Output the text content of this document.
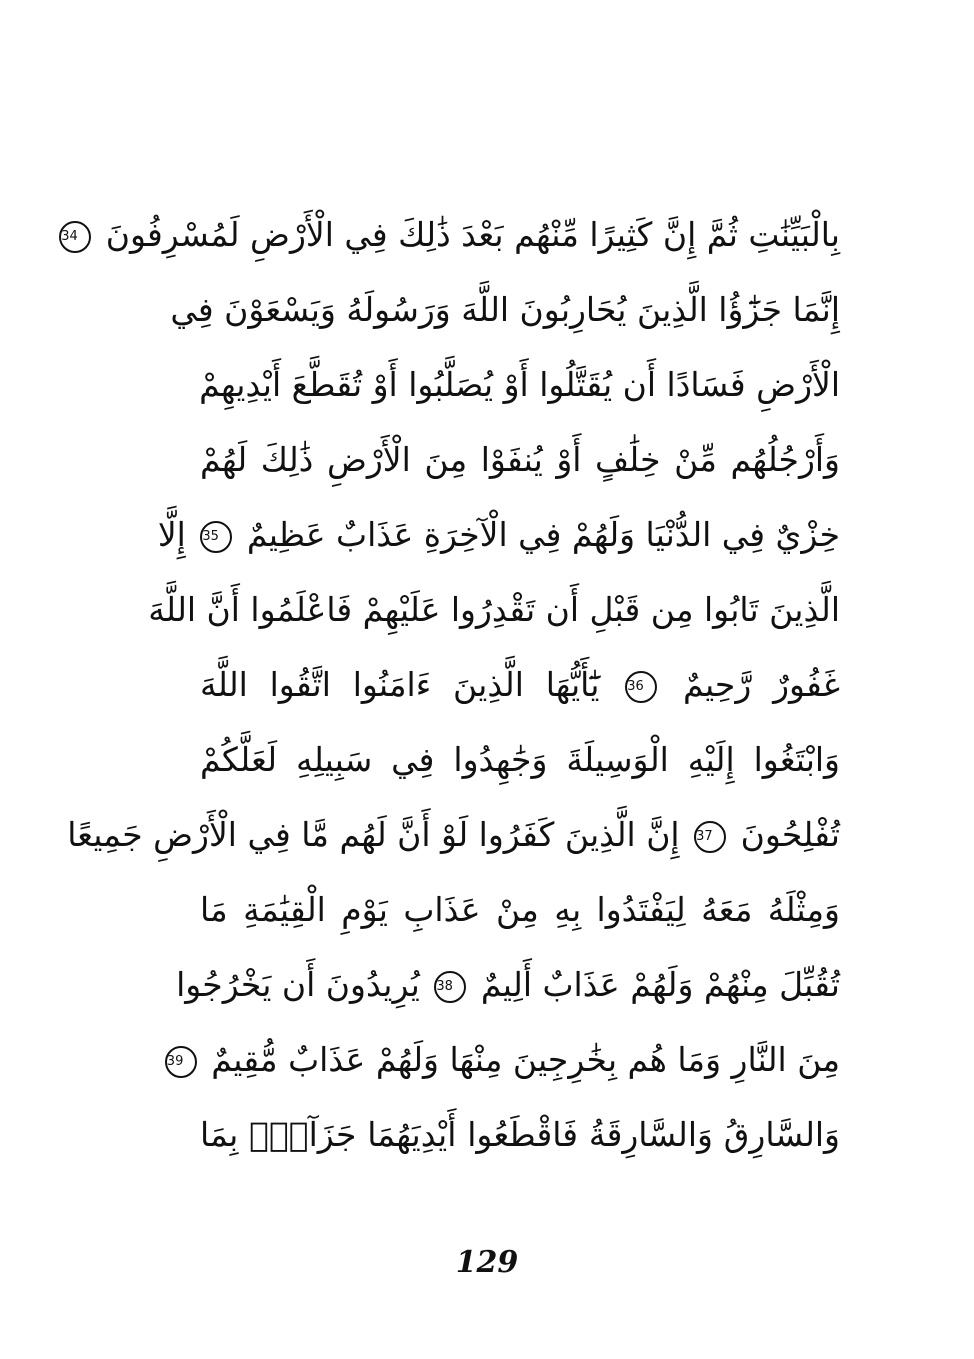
بِالْبَيِّنَٰتِ ثُمَّ إِنَّ كَثِيرًا مِّنْهُم بَعْدَ ذَٰلِكَ فِي الْأَرْضِ لَمُسْرِفُونَ 34
إِنَّمَا جَزَٰٓؤُا الَّذِينَ يُحَارِبُونَ اللَّهَ وَرَسُولَهُ وَيَسْعَوْنَ فِي
الْأَرْضِ فَسَادًا أَن يُقَتَّلُوا أَوْ يُصَلَّبُوا أَوْ تُقَطَّعَ أَيْدِيهِمْ
وَأَرْجُلُهُم مِّنْ خِلَٰفٍ أَوْ يُنفَوْا مِنَ الْأَرْضِ ذَٰلِكَ لَهُمْ
خِزْيٌ فِي الدُّنْيَا وَلَهُمْ فِي الْآخِرَةِ عَذَابٌ عَظِيمٌ 35 إِلَّا
الَّذِينَ تَابُوا مِن قَبْلِ أَن تَقْدِرُوا عَلَيْهِمْ فَاعْلَمُوا أَنَّ اللَّهَ
غَفُورٌ رَّحِيمٌ 36 يَٰٓأَيُّهَا الَّذِينَ ءَامَنُوا اتَّقُوا اللَّهَ
وَابْتَغُوا إِلَيْهِ الْوَسِيلَةَ وَجَٰهِدُوا فِي سَبِيلِهِ لَعَلَّكُمْ
تُفْلِحُونَ 37 إِنَّ الَّذِينَ كَفَرُوا لَوْ أَنَّ لَهُم مَّا فِي الْأَرْضِ جَمِيعًا
وَمِثْلَهُ مَعَهُ لِيَفْتَدُوا بِهِ مِنْ عَذَابِ يَوْمِ الْقِيَٰمَةِ مَا
تُقُبِّلَ مِنْهُمْ وَلَهُمْ عَذَابٌ أَلِيمٌ 38 يُرِيدُونَ أَن يَخْرُجُوا
مِنَ النَّارِ وَمَا هُم بِخَٰرِجِينَ مِنْهَا وَلَهُمْ عَذَابٌ مُّقِيمٌ 39
وَالسَّارِقُ وَالسَّارِقَةُ فَاقْطَعُوا أَيْدِيَهُمَا جَزَآءًۢ بِمَا
129
